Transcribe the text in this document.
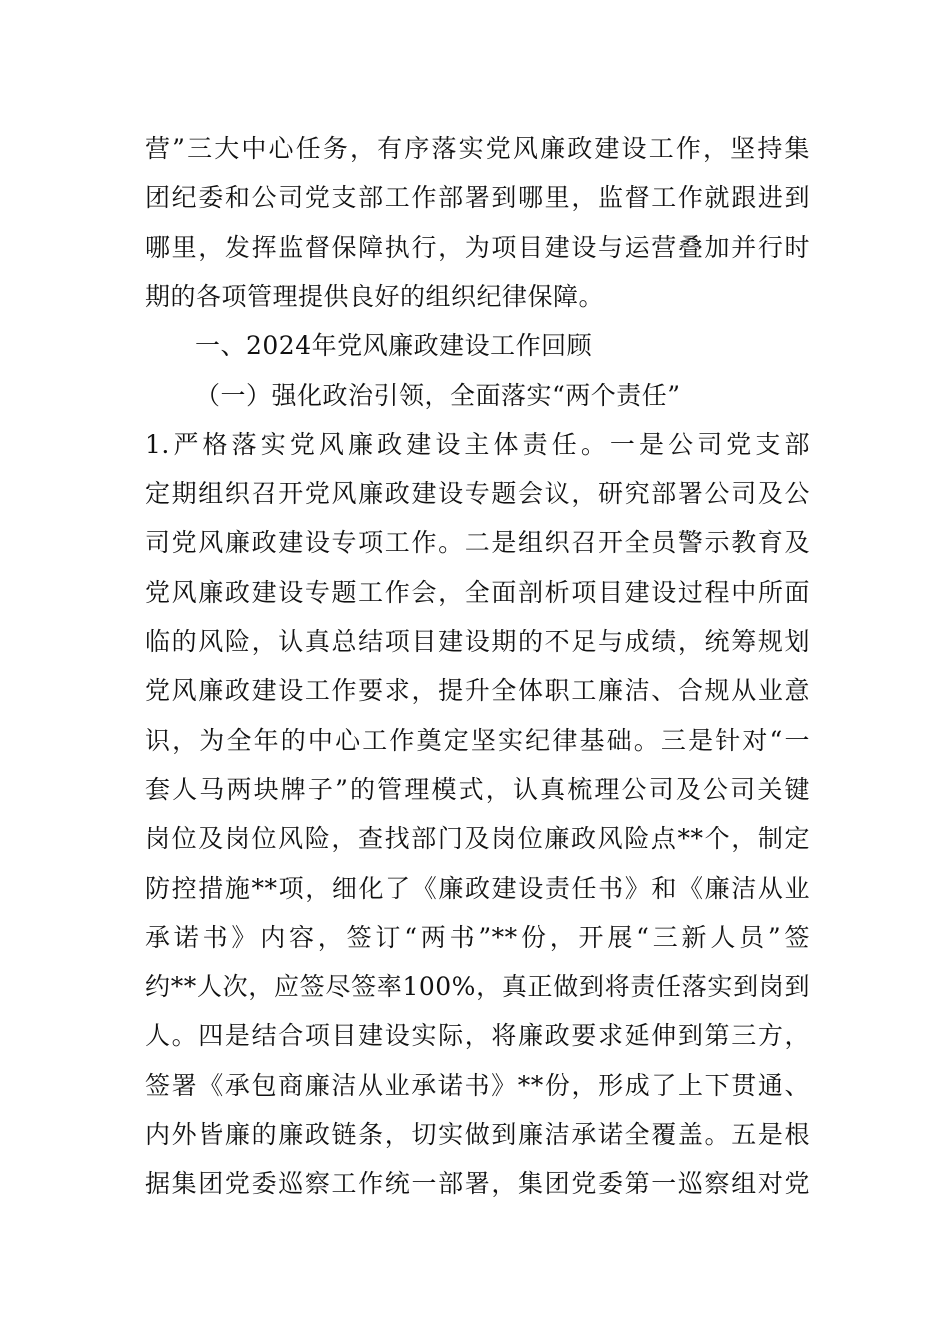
营”三大中心任务，有序落实党风廉政建设工作，坚持集
团纪委和公司党支部工作部署到哪里，监督工作就跟进到
哪里，发挥监督保障执行，为项目建设与运营叠加并行时
期的各项管理提供良好的组织纪律保障。
一、2024年党风廉政建设工作回顾
（一）强化政治引领，全面落实“两个责任”
1.严格落实党风廉政建设主体责任。一是公司党支部
定期组织召开党风廉政建设专题会议，研究部署公司及公
司党风廉政建设专项工作。二是组织召开全员警示教育及
党风廉政建设专题工作会，全面剖析项目建设过程中所面
临的风险，认真总结项目建设期的不足与成绩，统筹规划
党风廉政建设工作要求，提升全体职工廉洁、合规从业意
识，为全年的中心工作奠定坚实纪律基础。三是针对“一
套人马两块牌子”的管理模式，认真梳理公司及公司关键
岗位及岗位风险，查找部门及岗位廉政风险点**个，制定
防控措施**项，细化了《廉政建设责任书》和《廉洁从业
承诺书》内容，签订“两书”**份，开展“三新人员”签
约**人次，应签尽签率100%，真正做到将责任落实到岗到
人。四是结合项目建设实际，将廉政要求延伸到第三方，
签署《承包商廉洁从业承诺书》**份，形成了上下贯通、
内外皆廉的廉政链条，切实做到廉洁承诺全覆盖。五是根
据集团党委巡察工作统一部署，集团党委第一巡察组对党
